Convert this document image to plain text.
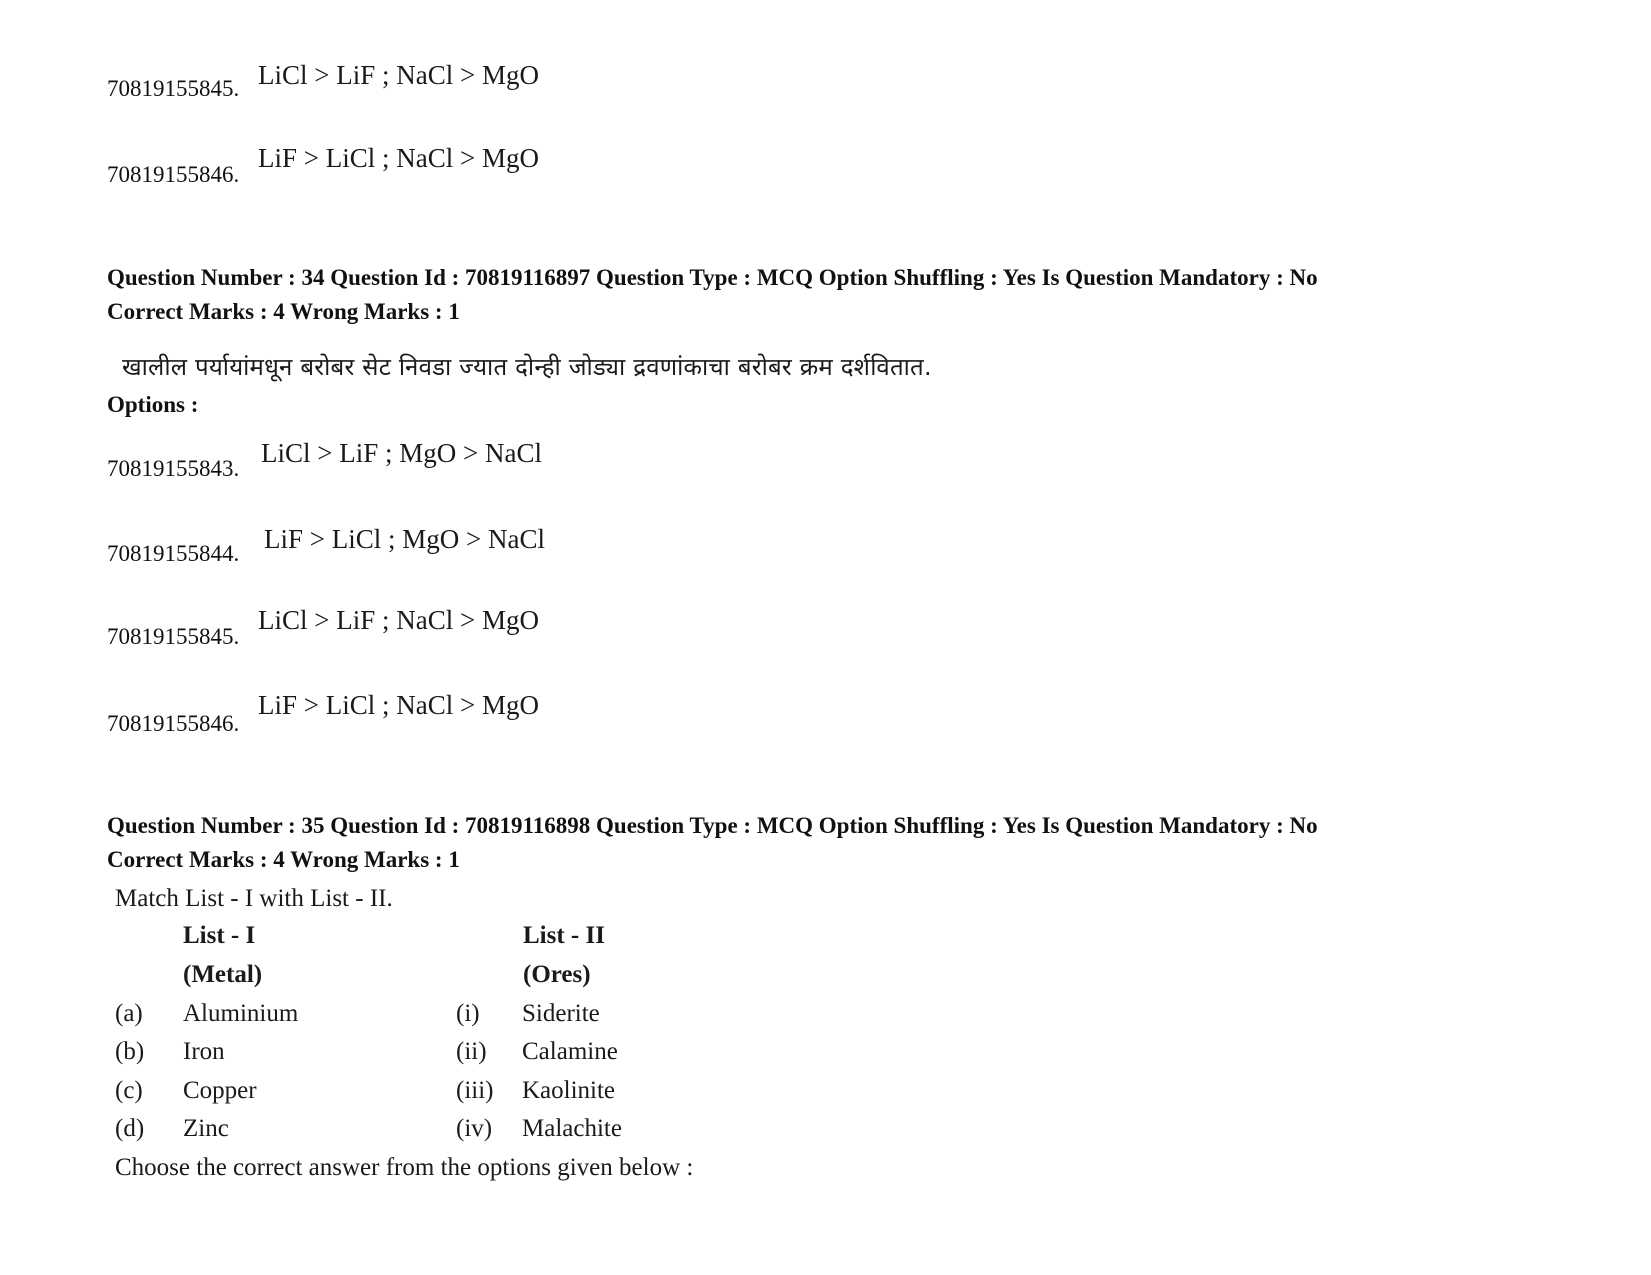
70819155845. LiCl > LiF ; NaCl > MgO
70819155846.
LiF > LiCl ; NaCl > MgO
Question Number : 34 Question Id : 70819116897 Question Type : MCQ Option Shuffling : Yes Is Question Mandatory : No
Correct Marks : 4 Wrong Marks : 1
खालील पर्यायांमधून बरोबर सेट निवडा ज्यात दोन्ही जोड्या द्रवणांकाचा बरोबर क्रम दर्शवितात.
Options :
70819155843.
LiCl > LiF ; MgO > NaCl
70819155844. LiF > LiCl ; MgO > NaCl
70819155845.
LiCl > LiF ; NaCl > MgO
70819155846.
LiF > LiCl ; NaCl > MgO
Question Number : 35 Question Id : 70819116898 Question Type : MCQ Option Shuffling : Yes Is Question Mandatory : No
Correct Marks : 4 Wrong Marks : 1
Match List - I with List - II.
List - I	List - II
(Metal)	(Ores)
(a) Aluminium	(i) Siderite
(b) Iron	(ii) Calamine
(c) Copper	(iii) Kaolinite
(d) Zinc	(iv) Malachite
Choose the correct answer from the options given below :
